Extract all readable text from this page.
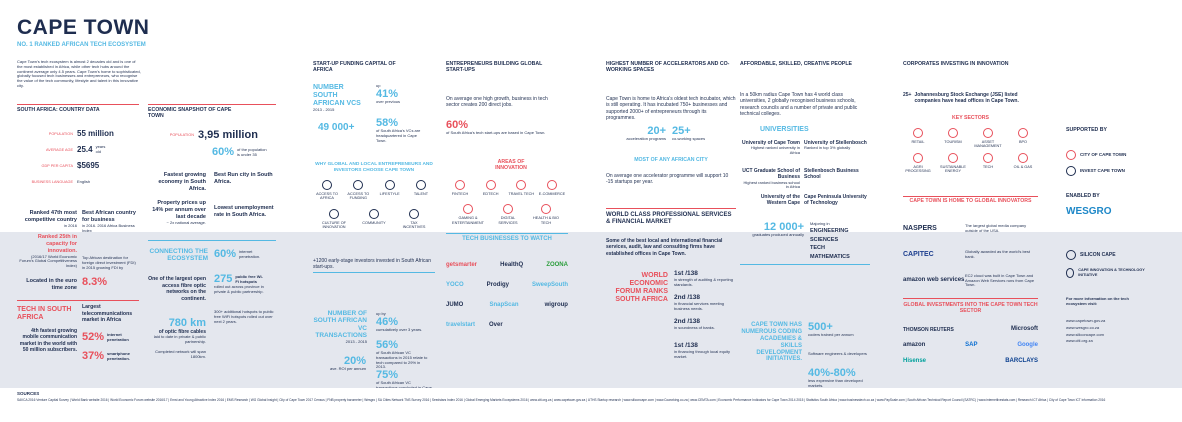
CAPE TOWN
NO. 1 RANKED AFRICAN TECH ECOSYSTEM
Cape Town's tech ecosystem is almost 2 decades old and is one of the most established in Africa, while other tech hubs around the continent average only 4.5 years. Cape Town's home to sophisticated, globally focused tech businesses and entrepreneurs, who recognise the value of the tech community, lifestyle and talent in this innovative city.
SOUTH AFRICA: COUNTRY DATA
POPULATION 55 million
AVERAGE AGE 25.4 years old
GDP PER CAPITA $5695
BUSINESS LANGUAGE	English
Ranked 47th most competitive country
in 2016
Best African country for business
in 2016. 2016 Africa Business Index
Ranked 25th in capacity for innovation.
(2016/17 World Economic Forum's Global Competitiveness Index)
Top African destination for foreign direct investment (FDI) in 2015 growing FDI by
Located in the euro time zone 8.3%
TECH IN SOUTH AFRICA
Largest telecommunications market in Africa
4th fastest growing mobile communication market in the world with 50 million subscribers.
52% internet penetration
37% smartphone penetration.
ECONOMIC SNAPSHOT OF CAPE TOWN
POPULATION 3,95 million
60% of the population is under 35
Fastest growing economy in South Africa.
Best Run city in South Africa.
Property prices up 14% per annum over last decade
~ 2x national average.
Lowest unemployment rate in South Africa.
CONNECTING THE ECOSYSTEM 60% internet penetration.
One of the largest open access fibre optic networks on the continent.
275 public free Wi-Fi hotspots
rolled out across province in private & public partnership.
780 km
of optic fibre cables
laid to date in private & public partnership.
Completed network will span 1800km.
300+ additional hotspots to public free WiFi hotspots rolled out over next 2 years.
START-UP FUNDING CAPITAL OF AFRICA
NUMBER SOUTH AFRICAN VCS
2013 - 2015
49 000+
up
41%
over previous
58%
of South Africa's VCs are headquartered in Cape Town.
WHY GLOBAL AND LOCAL ENTREPRENEURS AND INVESTORS CHOOSE CAPE TOWN
ACCESS TO AFRICA
ACCESS TO FUNDING
LIFESTYLE	TALENT
CULTURE OF INNOVATION
COMMUNITY	TAX INCENTIVES
+1200 early-stage investors invested in South African start-ups.
NUMBER OF SOUTH AFRICAN VC TRANSACTIONS
2013 - 2015
up by
46%
cumulatively over 3 years.
56%
of South African VC transactions in 2015 relate to tech compared to 29% in 2013.
20%
ave. ROI per annum
75%
of South African VC
ENTREPRENEURS BUILDING GLOBAL START-UPS
On average one high growth, business in tech sector creates 200 direct jobs.
60%
of South Africa's tech start-ups are based in Cape Town.
AREAS OF INNOVATION
FINTECH	EDTECH	TRAVEL TECH	E-COMMERCE
GAMING & ENTERTAINMENT
DIGITAL SERVICES
HEALTH & BIO TECH
TECH BUSINESSES TO WATCH
getsmarter	HealthQ	ZOONA
YOCO	Prodigy	SweepSouth
JUMO	SnapScan	wigroup
travelstart Over
HIGHEST NUMBER OF ACCELERATORS AND CO-WORKING SPACES
Cape Town is home to Africa's oldest tech incubator, which is still operating. It has incubated 750+ businesses and supported 2000+ of entrepreneurs through its programmes.
20+
acceleration programs
25+
co-working spaces
MOST OF ANY AFRICAN CITY
On average one accelerator programme will support 10 -15 startups per year.
WORLD CLASS PROFESSIONAL SERVICES & FINANCIAL MARKET
Some of the best local and international financial services, audit, law and consulting firms have established offices in Cape Town.
WORLD ECONOMIC FORUM RANKS SOUTH AFRICA
1st /138
in strength of auditing & reporting standards.
2nd /138
in financial services meeting business needs.
2nd /138
in soundness of banks.
1st /138
in financing through local equity market.
AFFORDABLE, SKILLED, CREATIVE PEOPLE
In a 50km radius Cape Town has 4 world class universities, 2 globally recognised business schools, research councils and a number of private and public technical colleges.
UNIVERSITIES
University of Cape Town
Highest ranked university in Africa
University of Stellenbosch
Ranked in top 3% globally
UCT Graduate School of Business
Highest ranked business school in Africa
Stellenbosch Business School
University of the Western Cape
Cape Peninsula University of Technology
12 000+
graduates produced annually
Majoring in
ENGINEERING
SCIENCES
TECH
MATHEMATICS
CAPE TOWN HAS NUMEROUS CODING ACADEMIES & SKILLS DEVELOPMENT INITIATIVES.
500+
coders trained per annum
Software engineers & developers
40%-80%
less expensive than developed markets.
CORPORATES INVESTING IN INNOVATION
25+ Johannesburg Stock Exchange (JSE) listed companies have head offices in Cape Town.
KEY SECTORS
RETAIL	TOURISM	ASSET MANAGEMENT
BPO
AGRI PROCESSING
SUSTAINABLE ENERGY
TECH	OIL & GAS
CAPE TOWN IS HOME TO GLOBAL INNOVATORS
NASPERS	The largest global media company outside of the USA.
CAPITEC	Globally awarded as the world's best bank.
amazon web services
EC2 cloud was built in Cape Town and Amazon Web Services runs from Cape Town.
GLOBAL INVESTMENTS INTO THE CAPE TOWN TECH SECTOR
THOMSON REUTERS	Microsoft
amazon	SAP	Google
Hisense	BARCLAYS
SUPPORTED BY
CITY OF CAPE TOWN
INVEST CAPE TOWN
ENABLED BY
WESGRO
SILICON CAPE
CAPE INNOVATION & TECHNOLOGY INITIATIVE
For more information on the tech ecosystem visit:
www.capetown.gov.za
www.wesgro.co.za
www.siliconcape.com
www.citi.org.za
SOURCES
SAVCA 2016 Venture Capital Survey | World Bank website 2016 | World Economic Forum website 2016/17 | Ernst and Young Attractive Index 2016 | EMS Research | WG Global Insight | City of Cape Town 2017 Census | FNB property barometer | Wesgro | SA Cities Network TNS Survey 2016 | Seedstars Index 2016 | Global Emerging Markets Ecosystems 2016 | www.citi.org.za | www.capetown.gov.za | UTHS Startup research | www.siliconcape.com | www.Coworking.co.za | www.CEMTA.com | Economic Performance Indicators for Cape Town 2014 2015 | Statistics South Africa | www.businesstech.co.za | www.PayScale.com | South African Technical Report Council (SATRC) | www.internetlivestats.com | Research ICT Africa | City of Cape Town ICT information 2016
